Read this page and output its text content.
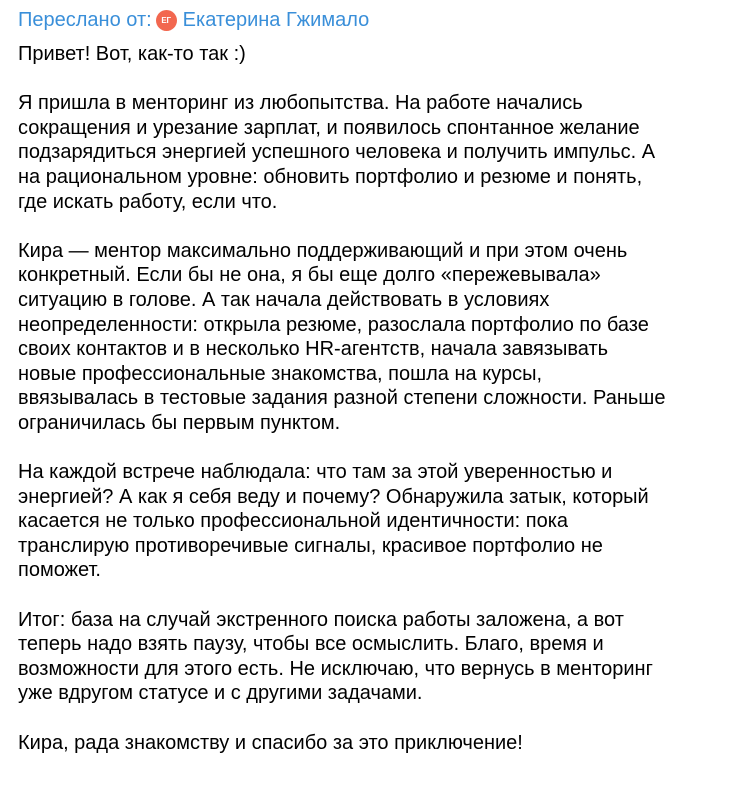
Переслано от:	ЕГ Екатерина Гжимало

Привет! Вот, как-то так :)

Я пришла в менторинг из любопытства. На работе начались
сокращения и урезание зарплат, и появилось спонтанное желание
подзарядиться энергией успешного человека и получить импульс. А
на рациональном уровне: обновить портфолио и резюме и понять,
где искать работу, если что.

Кира — ментор максимально поддерживающий и при этом очень
конкретный. Если бы не она, я бы еще долго «пережевывала»
ситуацию в голове. А так начала действовать в условиях
неопределенности: открыла резюме, разослала портфолио по базе
своих контактов и в несколько HR-агентств, начала завязывать
новые профессиональные знакомства, пошла на курсы,
ввязывалась в тестовые задания разной степени сложности. Раньше
ограничилась бы первым пунктом.

На каждой встрече наблюдала: что там за этой уверенностью и
энергией? А как я себя веду и почему? Обнаружила затык, который
касается не только профессиональной идентичности: пока
транслирую противоречивые сигналы, красивое портфолио не
поможет.

Итог: база на случай экстренного поиска работы заложена, а вот
теперь надо взять паузу, чтобы все осмыслить. Благо, время и
возможности для этого есть. Не исключаю, что вернусь в менторинг
уже вдругом статусе и с другими задачами.

Кира, рада знакомству и спасибо за это приключение!
